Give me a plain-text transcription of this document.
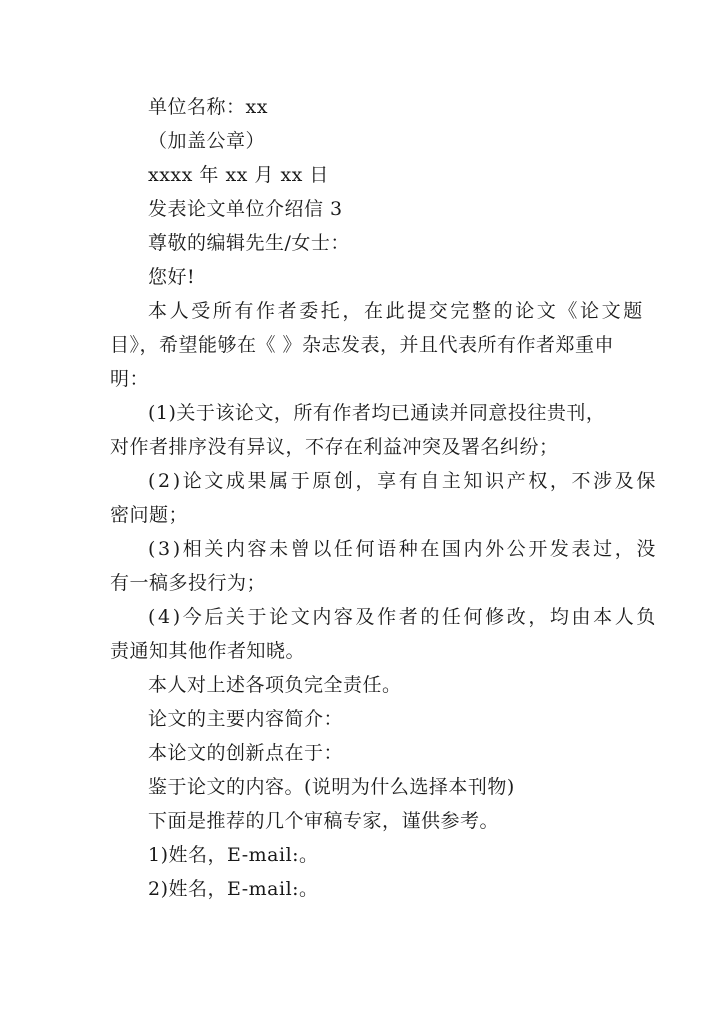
单位名称：xx
（加盖公章）
xxxx 年 xx 月 xx 日
发表论文单位介绍信 3
尊敬的编辑先生/女士：
您好!
本人受所有作者委托，在此提交完整的论文《论文题
目》，希望能够在《 》杂志发表，并且代表所有作者郑重申
明：
(1)关于该论文，所有作者均已通读并同意投往贵刊，
对作者排序没有异议，不存在利益冲突及署名纠纷；
(2)论文成果属于原创，享有自主知识产权，不涉及保
密问题；
(3)相关内容未曾以任何语种在国内外公开发表过，没
有一稿多投行为；
(4)今后关于论文内容及作者的任何修改，均由本人负
责通知其他作者知晓。
本人对上述各项负完全责任。
论文的主要内容简介：
本论文的创新点在于：
鉴于论文的内容。(说明为什么选择本刊物)
下面是推荐的几个审稿专家，谨供参考。
1)姓名，E-mail:。
2)姓名，E-mail:。
